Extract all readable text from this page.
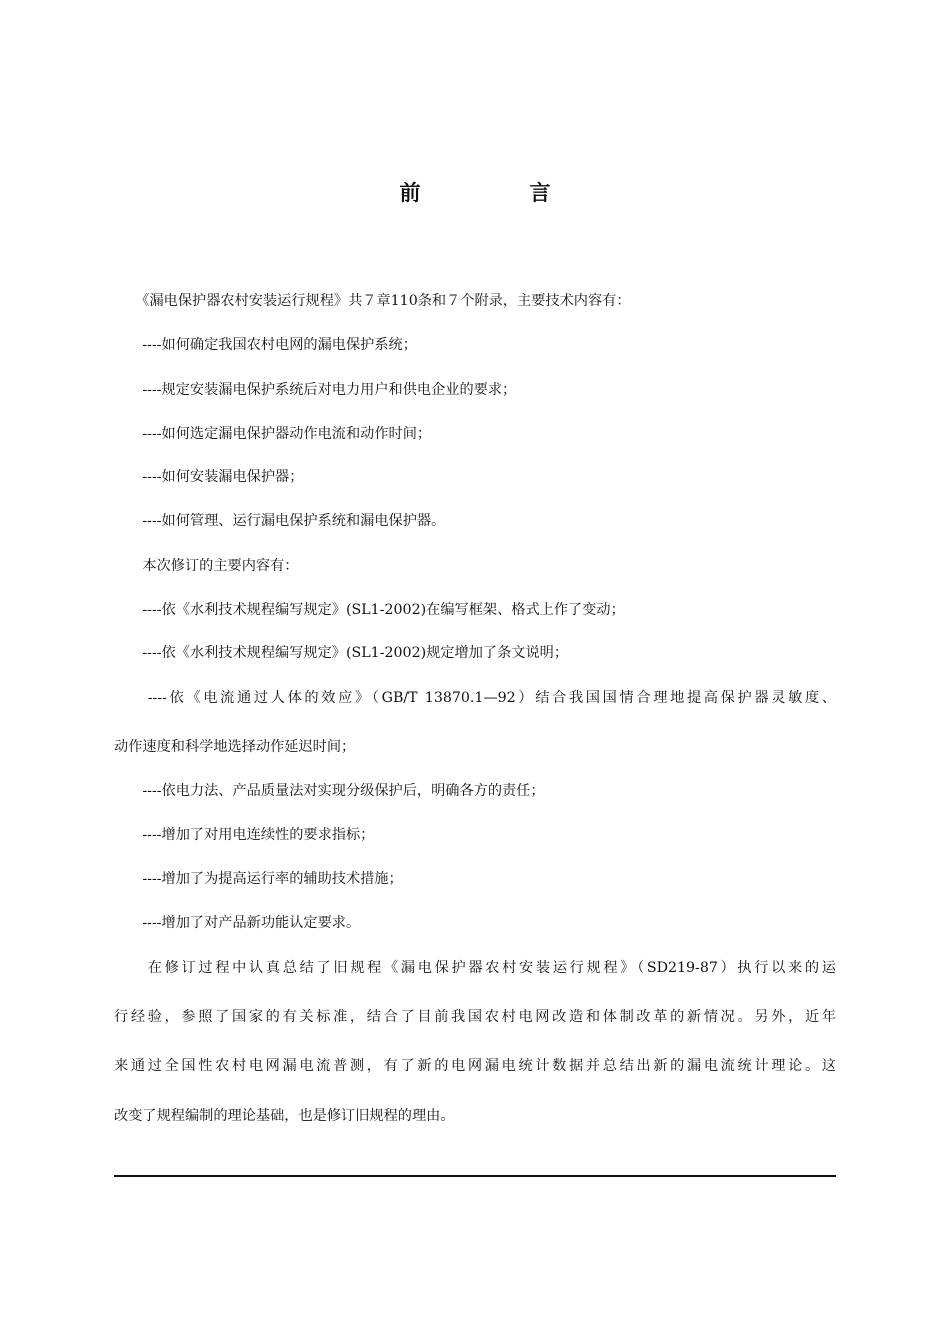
前　言
　　《漏电保护器农村安装运行规程》共７章110条和７个附录，主要技术内容有：
　　----如何确定我国农村电网的漏电保护系统；
　　----规定安装漏电保护系统后对电力用户和供电企业的要求；
　　----如何选定漏电保护器动作电流和动作时间；
　　----如何安装漏电保护器；
　　----如何管理、运行漏电保护系统和漏电保护器。
　　本次修订的主要内容有：
　　----依《水利技术规程编写规定》(SL1-2002)在编写框架、格式上作了变动；
　　----依《水利技术规程编写规定》(SL1-2002)规定增加了条文说明；
　　----依《电流通过人体的效应》（GB/T 13870.1—92）结合我国国情合理地提高保护器灵敏度、
动作速度和科学地选择动作延迟时间；
　　----依电力法、产品质量法对实现分级保护后，明确各方的责任；
　　----增加了对用电连续性的要求指标；
　　----增加了为提高运行率的辅助技术措施；
　　----增加了对产品新功能认定要求。
　　在修订过程中认真总结了旧规程《漏电保护器农村安装运行规程》（SD219-87）执行以来的运
行经验，参照了国家的有关标准，结合了目前我国农村电网改造和体制改革的新情况。另外，近年
来通过全国性农村电网漏电流普测，有了新的电网漏电统计数据并总结出新的漏电流统计理论。这
改变了规程编制的理论基础，也是修订旧规程的理由。
